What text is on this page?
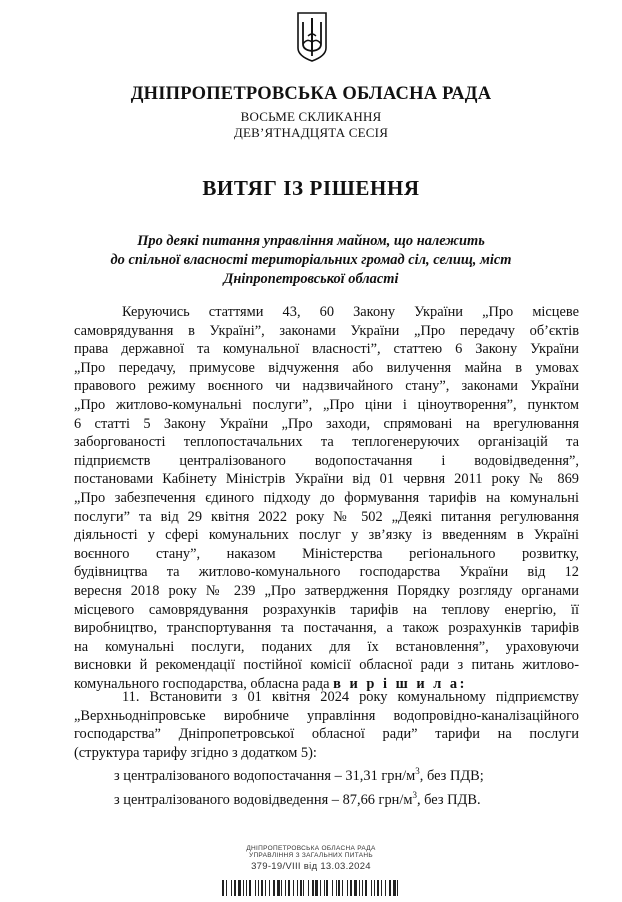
ДНІПРОПЕТРОВСЬКА ОБЛАСНА РАДА
ВОСЬМЕ СКЛИКАННЯ
ДЕВ’ЯТНАДЦЯТА СЕСІЯ
ВИТЯГ ІЗ РІШЕННЯ
Про деякі питання управління майном, що належить
до спільної власності територіальних громад сіл, селищ, міст
Дніпропетровської області
Керуючись статтями 43, 60 Закону України „Про місцеве
самоврядування в Україні”, законами України „Про передачу об’єктів
права державної та комунальної власності”, статтею 6 Закону України
„Про передачу, примусове відчуження або вилучення майна в умовах
правового режиму воєнного чи надзвичайного стану”, законами України
„Про житлово-комунальні послуги”, „Про ціни і ціноутворення”, пунктом
6 статті 5 Закону України „Про заходи, спрямовані на врегулювання
заборгованості теплопостачальних та теплогенеруючих організацій та
підприємств централізованого водопостачання і водовідведення”,
постановами Кабінету Міністрів України від 01 червня 2011 року № 869
„Про забезпечення єдиного підходу до формування тарифів на комунальні
послуги” та від 29 квітня 2022 року № 502 „Деякі питання регулювання
діяльності у сфері комунальних послуг у зв’язку із введенням в Україні
воєнного стану”, наказом Міністерства регіонального розвитку,
будівництва та житлово-комунального господарства України від 12
вересня 2018 року № 239 „Про затвердження Порядку розгляду органами
місцевого самоврядування розрахунків тарифів на теплову енергію, її
виробництво, транспортування та постачання, а також розрахунків тарифів
на комунальні послуги, поданих для їх встановлення”, ураховуючи
висновки й рекомендації постійної комісії обласної ради з питань житлово-
комунального господарства, обласна рада в и р і ш и л а:
11. Встановити з 01 квітня 2024 року комунальному підприємству
„Верхньодніпровське виробниче управління водопровідно-каналізаційного
господарства” Дніпропетровської обласної ради” тарифи на послуги
(структура тарифу згідно з додатком 5):
з централізованого водопостачання – 31,31 грн/$м^3$, без ПДВ;
з централізованого водовідведення – 87,66 грн/$м^3$, без ПДВ.
ДНІПРОПЕТРОВСЬКА ОБЛАСНА РАДА
УПРАВЛІННЯ З ЗАГАЛЬНИХ ПИТАНЬ
379-19/VIII від 13.03.2024
